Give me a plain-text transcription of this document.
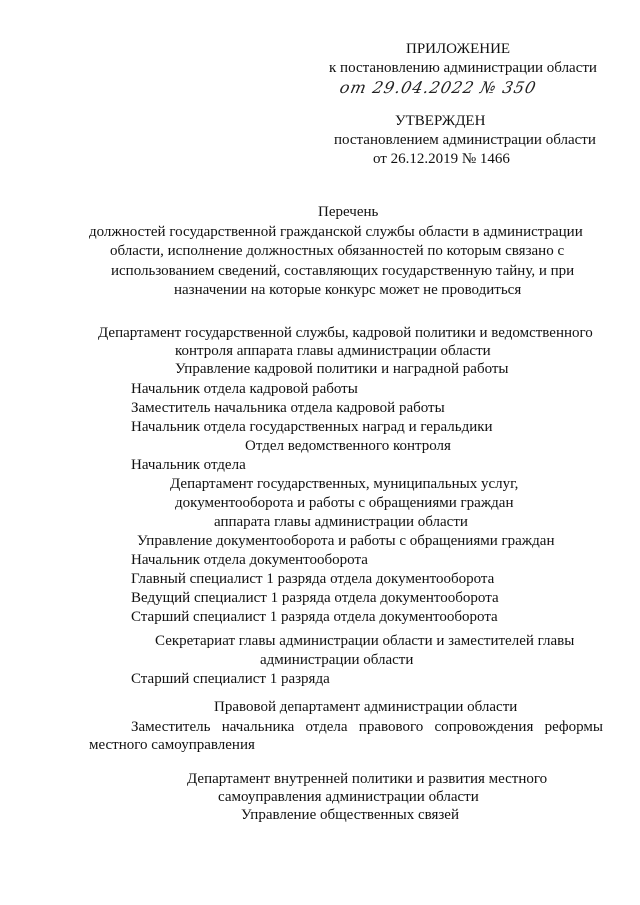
ПРИЛОЖЕНИЕ
к постановлению администрации области
от 29.04.2022 № 350
УТВЕРЖДЕН
постановлением администрации области
от 26.12.2019 № 1466
Перечень
должностей государственной гражданской службы области в администрации
области, исполнение должностных обязанностей по которым связано с
использованием сведений, составляющих государственную тайну, и при
назначении на которые конкурс может не проводиться
Департамент государственной службы, кадровой политики и ведомственного
контроля аппарата главы администрации области
Управление кадровой политики и наградной работы
Начальник отдела кадровой работы
Заместитель начальника отдела кадровой работы
Начальник отдела государственных наград и геральдики
Отдел ведомственного контроля
Начальник отдела
Департамент государственных, муниципальных услуг,
документооборота и работы с обращениями граждан
аппарата главы администрации области
Управление документооборота и работы с обращениями граждан
Начальник отдела документооборота
Главный специалист 1 разряда отдела документооборота
Ведущий специалист 1 разряда отдела документооборота
Старший специалист 1 разряда отдела документооборота
Секретариат главы администрации области и заместителей главы
администрации области
Старший специалист 1 разряда
Правовой департамент администрации области
Заместитель начальника отдела правового сопровождения реформы
местного самоуправления
Департамент внутренней политики и развития местного
самоуправления администрации области
Управление общественных связей
